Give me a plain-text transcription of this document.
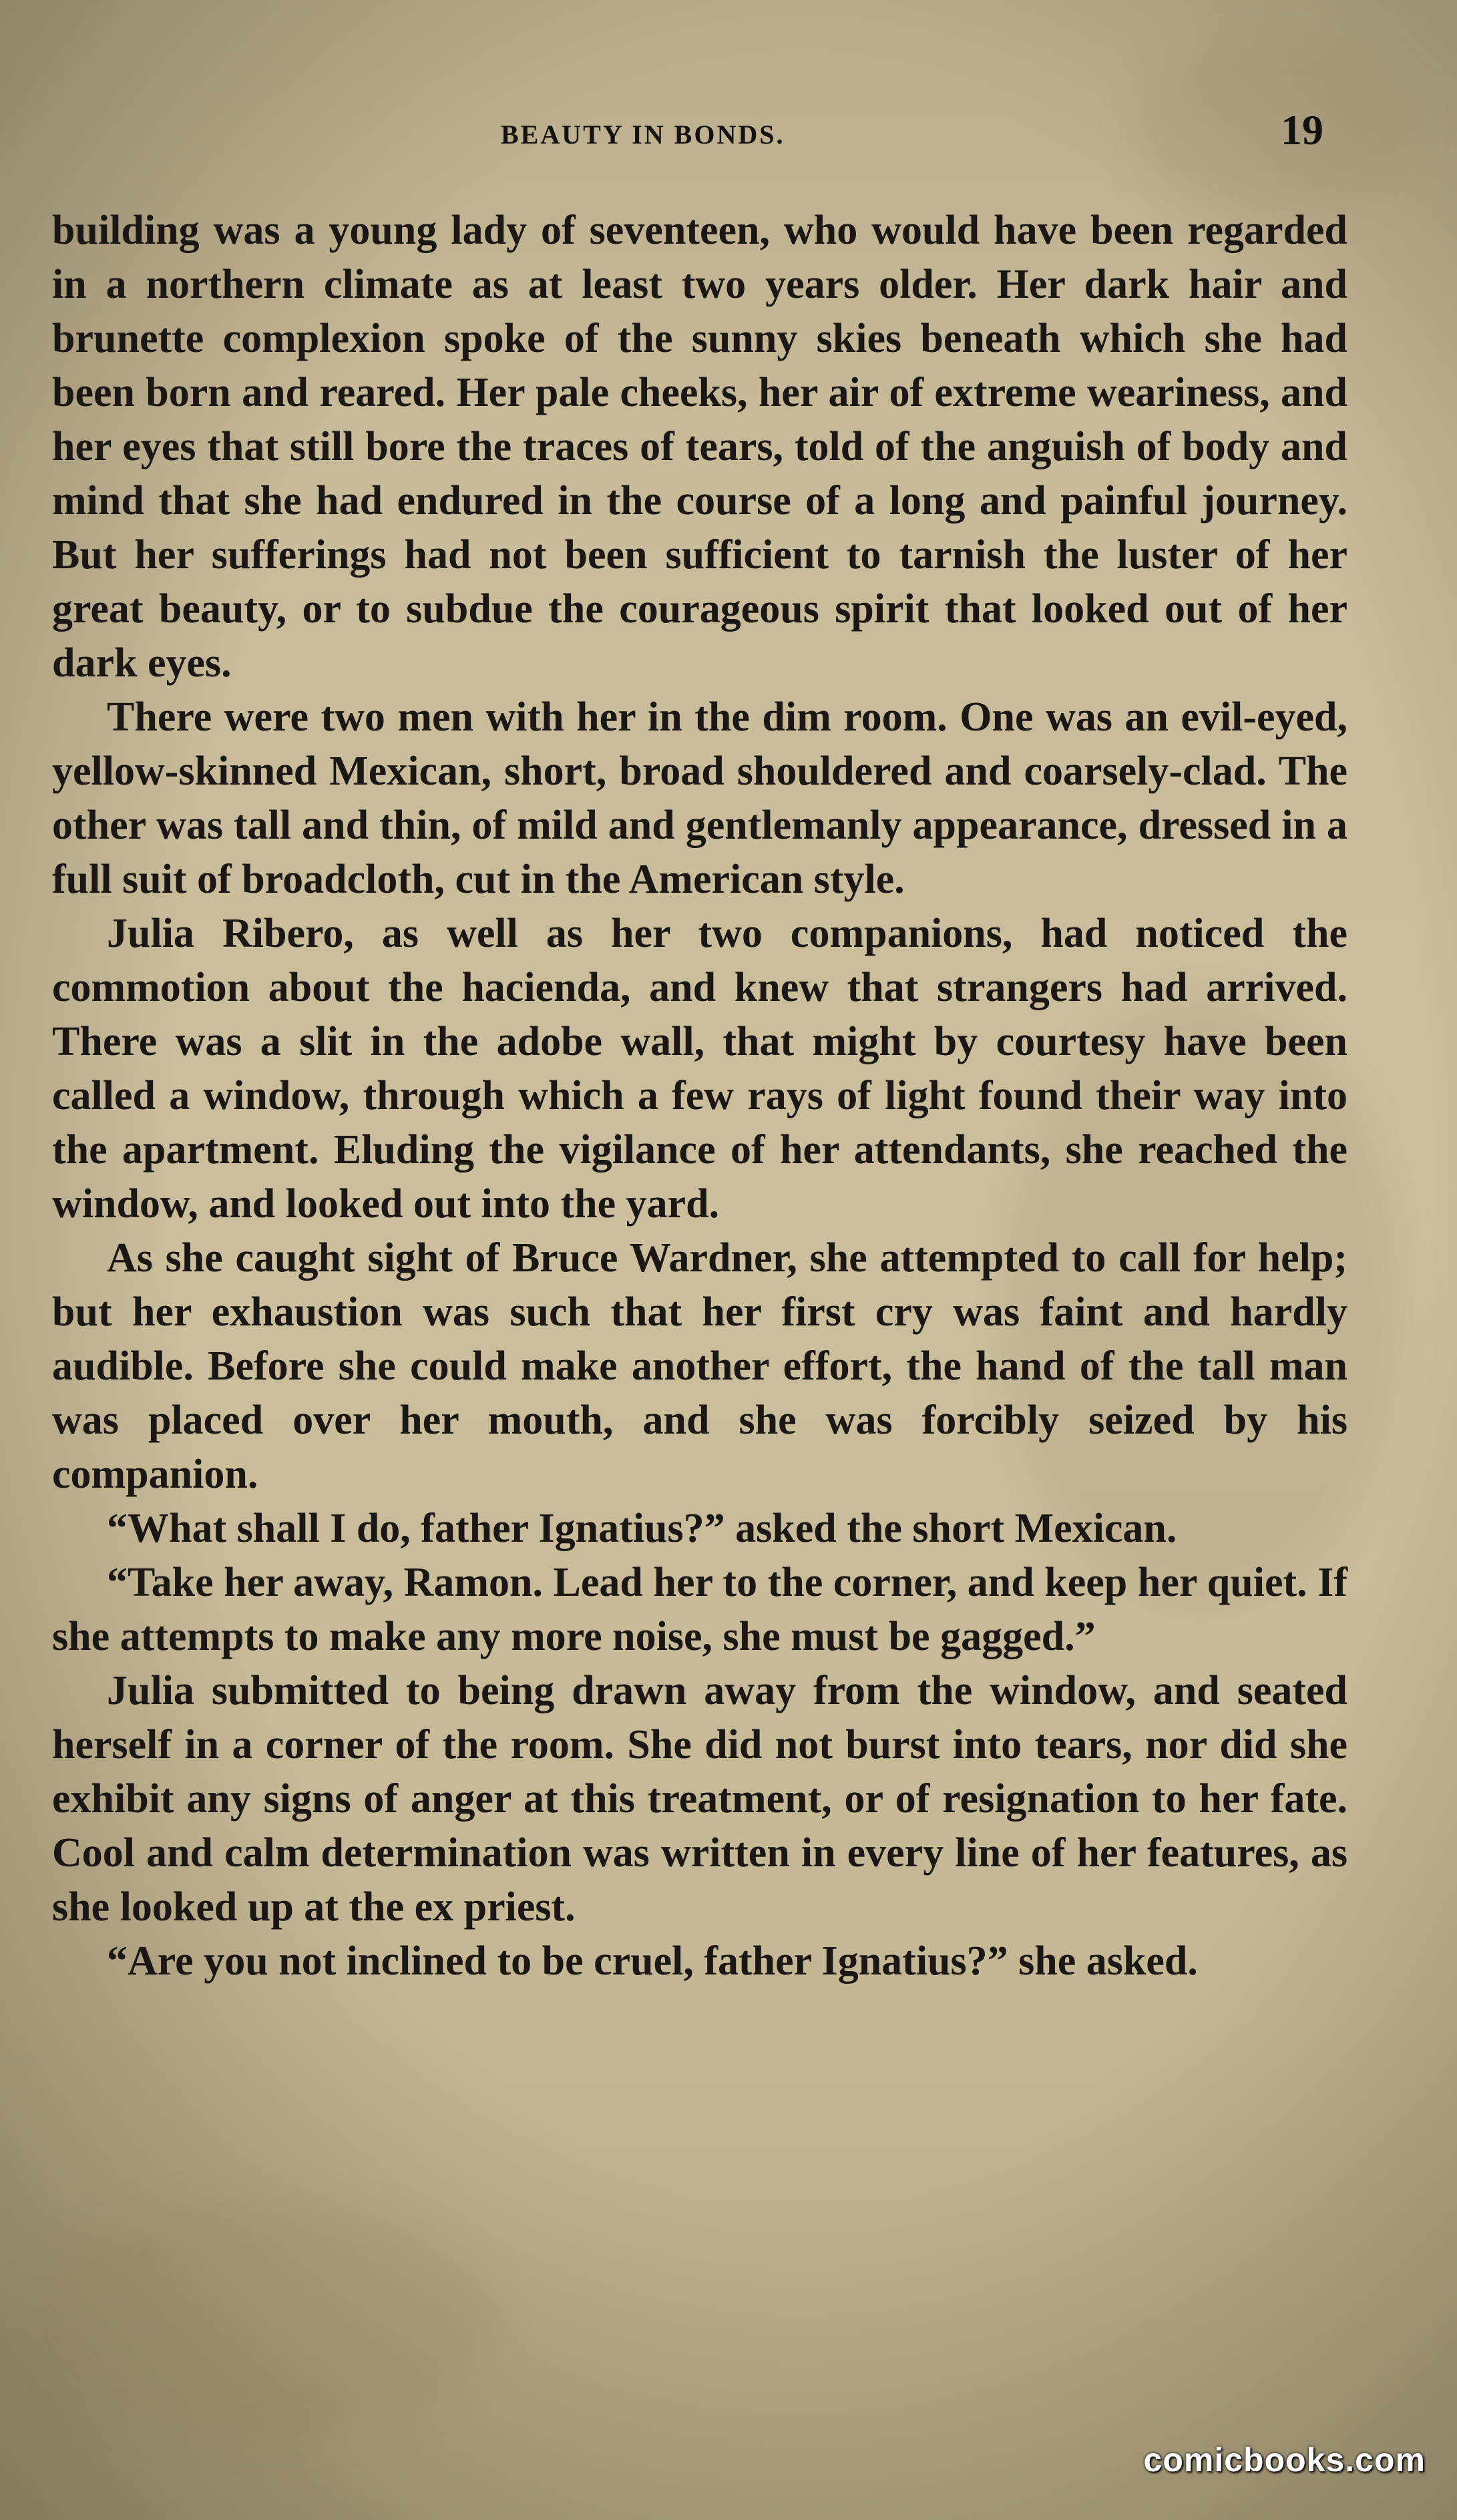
BEAUTY IN BONDS.	19

building was a young lady of seventeen, who would have been regarded in a northern climate as at least two years older. Her dark hair and brunette complexion spoke of the sunny skies beneath which she had been born and reared. Her pale cheeks, her air of extreme weariness, and her eyes that still bore the traces of tears, told of the anguish of body and mind that she had endured in the course of a long and painful journey. But her sufferings had not been sufficient to tarnish the luster of her great beauty, or to subdue the courageous spirit that looked out of her dark eyes.

There were two men with her in the dim room. One was an evil-eyed, yellow-skinned Mexican, short, broad shouldered and coarsely-clad. The other was tall and thin, of mild and gentlemanly appearance, dressed in a full suit of broadcloth, cut in the American style.

Julia Ribero, as well as her two companions, had noticed the commotion about the hacienda, and knew that strangers had arrived. There was a slit in the adobe wall, that might by courtesy have been called a window, through which a few rays of light found their way into the apartment. Eluding the vigilance of her attendants, she reached the window, and looked out into the yard.

As she caught sight of Bruce Wardner, she attempted to call for help; but her exhaustion was such that her first cry was faint and hardly audible. Before she could make another effort, the hand of the tall man was placed over her mouth, and she was forcibly seized by his companion.

“What shall I do, father Ignatius?” asked the short Mexican.

“Take her away, Ramon. Lead her to the corner, and keep her quiet. If she attempts to make any more noise, she must be gagged.”

Julia submitted to being drawn away from the window, and seated herself in a corner of the room. She did not burst into tears, nor did she exhibit any signs of anger at this treatment, or of resignation to her fate. Cool and calm determination was written in every line of her features, as she looked up at the ex priest.

“Are you not inclined to be cruel, father Ignatius?” she asked.

comicbooks.com
